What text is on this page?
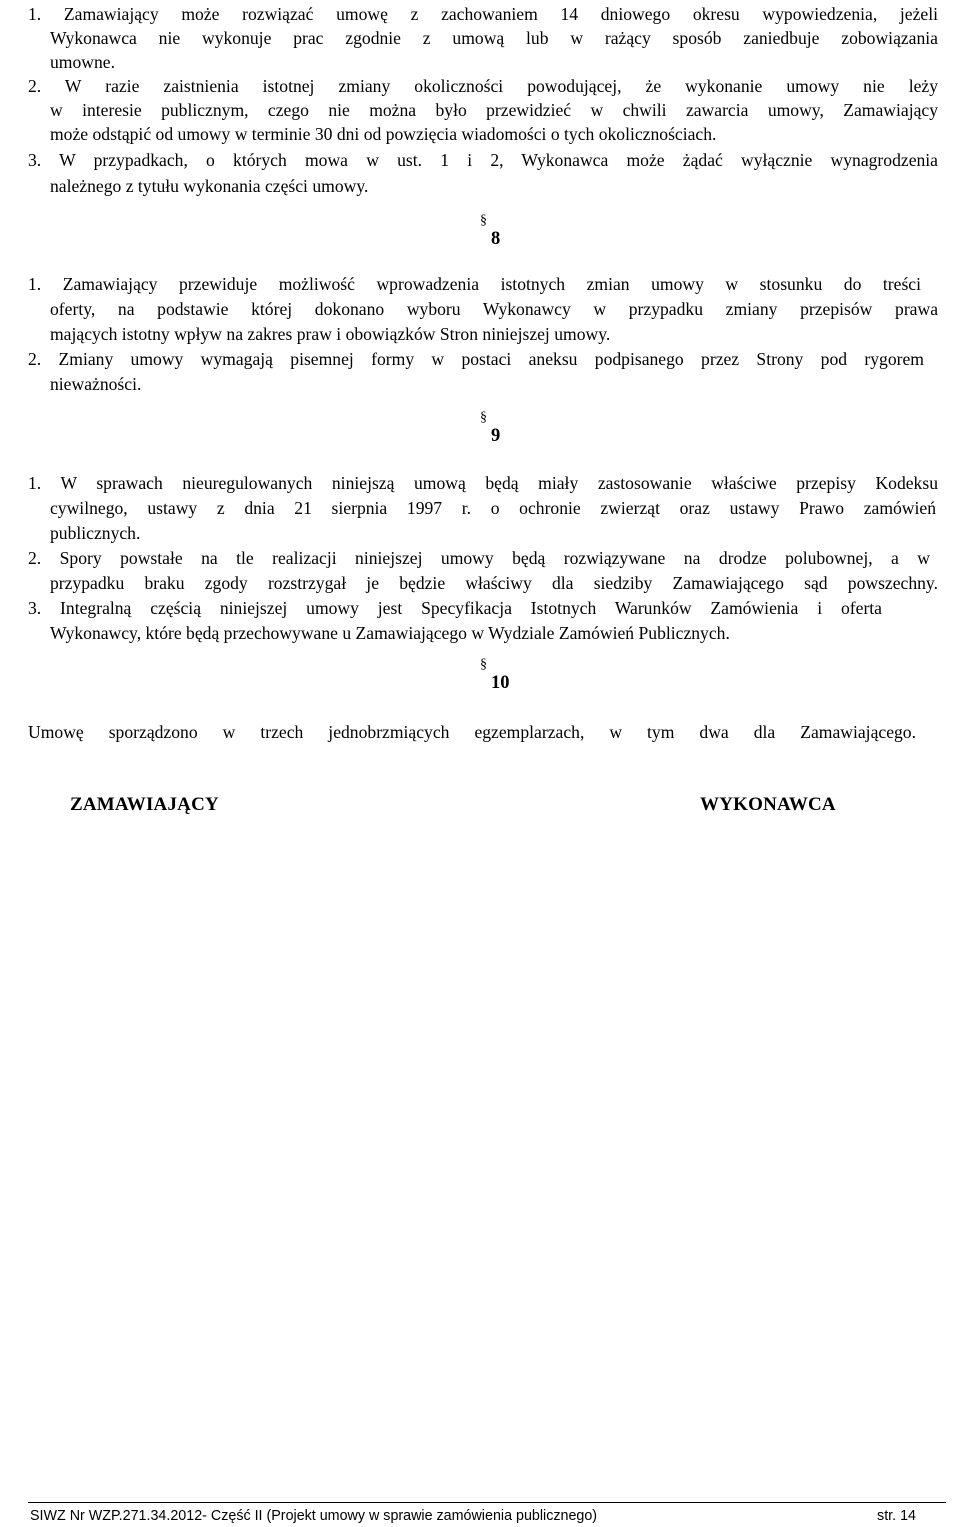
1. Zamawiający może rozwiązać umowę z zachowaniem 14 dniowego okresu wypowiedzenia, jeżeli
Wykonawca nie wykonuje prac zgodnie z umową lub w rażący sposób zaniedbuje zobowiązania
umowne.
2. W razie zaistnienia istotnej zmiany okoliczności powodującej, że wykonanie umowy nie leży
w interesie publicznym, czego nie można było przewidzieć w chwili zawarcia umowy, Zamawiający
może odstąpić od umowy w terminie 30 dni od powzięcia wiadomości o tych okolicznościach.
3. W przypadkach, o których mowa w ust. 1 i 2, Wykonawca może żądać wyłącznie wynagrodzenia
należnego z tytułu wykonania części umowy.
§
8
1. Zamawiający przewiduje możliwość wprowadzenia istotnych zmian umowy w stosunku do treści
oferty, na podstawie której dokonano wyboru Wykonawcy w przypadku zmiany przepisów prawa
mających istotny wpływ na zakres praw i obowiązków Stron niniejszej umowy.
2. Zmiany umowy wymagają pisemnej formy w postaci aneksu podpisanego przez Strony pod rygorem
nieważności.
§
9
1. W sprawach nieuregulowanych niniejszą umową będą miały zastosowanie właściwe przepisy Kodeksu
cywilnego, ustawy z dnia 21 sierpnia 1997 r. o ochronie zwierząt oraz ustawy Prawo zamówień
publicznych.
2. Spory powstałe na tle realizacji niniejszej umowy będą rozwiązywane na drodze polubownej, a w
przypadku braku zgody rozstrzygał je będzie właściwy dla siedziby Zamawiającego sąd powszechny.
3. Integralną częścią niniejszej umowy jest Specyfikacja Istotnych Warunków Zamówienia i oferta
Wykonawcy, które będą przechowywane u Zamawiającego w Wydziale Zamówień Publicznych.
§
10
Umowę sporządzono w trzech jednobrzmiących egzemplarzach, w tym dwa dla Zamawiającego.
ZAMAWIAJĄCY	WYKONAWCA
SIWZ Nr WZP.271.34.2012- Część II (Projekt umowy w sprawie zamówienia publicznego)	str. 14
